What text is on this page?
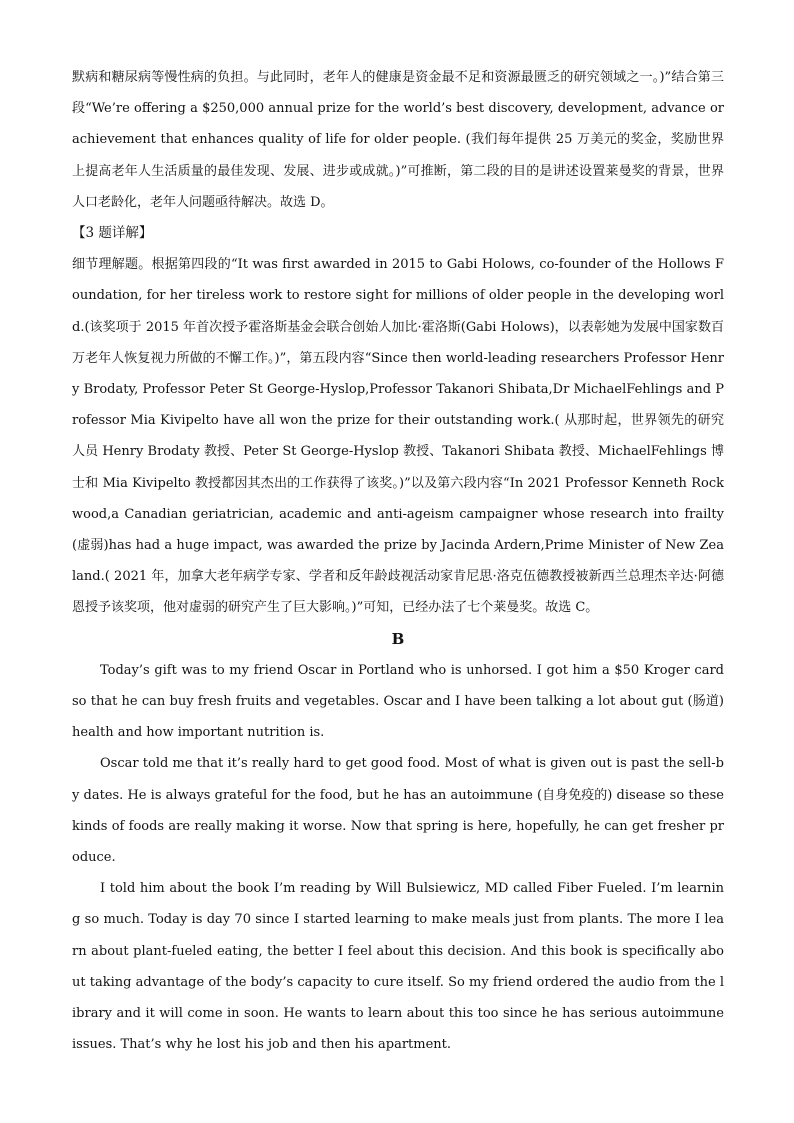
默病和糖尿病等慢性病的负担。与此同时，老年人的健康是资金最不足和资源最匮乏的研究领域之一。)”结合第三段“We’re offering a $250,000 annual prize for the world’s best discovery, development, advance or achievement that enhances quality of life for older people. (我们每年提供 25 万美元的奖金，奖励世界上提高老年人生活质量的最佳发现、发展、进步或成就。)”可推断，第二段的目的是讲述设置莱曼奖的背景，世界人口老龄化，老年人问题亟待解决。故选 D。

【3 题详解】

细节理解题。根据第四段的“It was first awarded in 2015 to Gabi Holows, co-founder of the Hollows Foundation, for her tireless work to restore sight for millions of older people in the developing world.(该奖项于 2015 年首次授予霍洛斯基金会联合创始人加比·霍洛斯(Gabi Holows)，以表彰她为发展中国家数百万老年人恢复视力所做的不懈工作。)”，第五段内容“Since then world-leading researchers Professor Henry Brodaty, Professor Peter St George-Hyslop,Professor Takanori Shibata,Dr MichaelFehlings and Professor Mia Kivipelto have all won the prize for their outstanding work.( 从那时起，世界领先的研究人员 Henry Brodaty 教授、Peter St George-Hyslop 教授、Takanori Shibata 教授、MichaelFehlings 博士和 Mia Kivipelto 教授都因其杰出的工作获得了该奖。)”以及第六段内容“In 2021 Professor Kenneth Rock wood,a Canadian geriatrician, academic and anti-ageism campaigner whose research into frailty(虚弱)has had a huge impact, was awarded the prize by Jacinda Ardern,Prime Minister of New Zealand.( 2021 年，加拿大老年病学专家、学者和反年龄歧视活动家肯尼思·洛克伍德教授被新西兰总理杰辛达·阿德恩授予该奖项，他对虚弱的研究产生了巨大影响。)”可知，已经办法了七个莱曼奖。故选 C。

B

Today’s gift was to my friend Oscar in Portland who is unhorsed. I got him a $50 Kroger card so that he can buy fresh fruits and vegetables. Oscar and I have been talking a lot about gut (肠道) health and how important nutrition is.

Oscar told me that it’s really hard to get good food. Most of what is given out is past the sell-by dates. He is always grateful for the food, but he has an autoimmune (自身免疫的) disease so these kinds of foods are really making it worse. Now that spring is here, hopefully, he can get fresher produce.

I told him about the book I’m reading by Will Bulsiewicz, MD called Fiber Fueled. I’m learning so much. Today is day 70 since I started learning to make meals just from plants. The more I learn about plant-fueled eating, the better I feel about this decision. And this book is specifically about taking advantage of the body’s capacity to cure itself. So my friend ordered the audio from the library and it will come in soon. He wants to learn about this too since he has serious autoimmune issues. That’s why he lost his job and then his apartment.
